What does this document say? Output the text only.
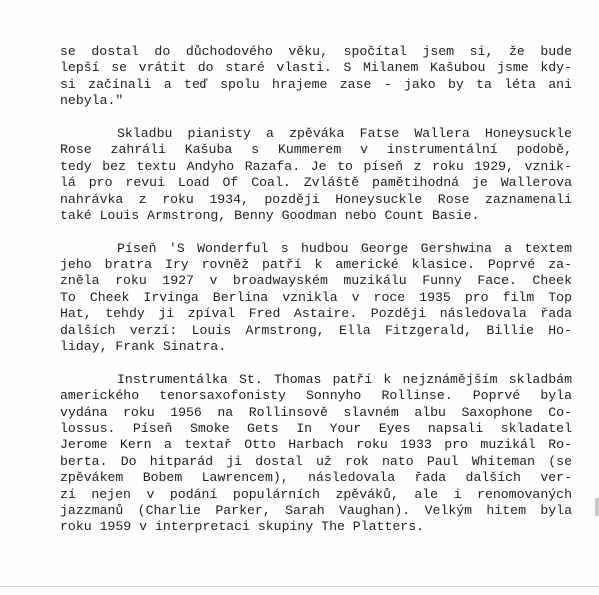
se dostal do důchodového věku, spočítal jsem si, že bude
lepší se vrátit do staré vlasti. S Milanem Kašubou jsme kdy-
si začínali a teď spolu hrajeme zase - jako by ta léta ani
nebyla."

Skladbu pianisty a zpěváka Fatse Wallera Honeysuckle
Rose zahráli Kašuba s Kummerem v instrumentální podobě,
tedy bez textu Andyho Razafa. Je to píseň z roku 1929, vznik-
lá pro revui Load Of Coal. Zvláště pamětihodná je Wallerova
nahrávka z roku 1934, později Honeysuckle Rose zaznamenali
také Louis Armstrong, Benny Goodman nebo Count Basie.

Píseň 'S Wonderful s hudbou George Gershwina a textem
jeho bratra Iry rovněž patří k americké klasice. Poprvé za-
zněla roku 1927 v broadwayském muzikálu Funny Face. Cheek
To Cheek Irvinga Berlina vznikla v roce 1935 pro film Top
Hat, tehdy ji zpíval Fred Astaire. Později následovala řada
dalších verzí: Louis Armstrong, Ella Fitzgerald, Billie Ho-
liday, Frank Sinatra.

Instrumentálka St. Thomas patří k nejznámějším skladbám
amerického tenorsaxofonisty Sonnyho Rollinse. Poprvé byla
vydána roku 1956 na Rollinsově slavném albu Saxophone Co-
lossus. Píseň Smoke Gets In Your Eyes napsali skladatel
Jerome Kern a textař Otto Harbach roku 1933 pro muzikál Ro-
berta. Do hitparád ji dostal už rok nato Paul Whiteman (se
zpěvákem Bobem Lawrencem), následovala řada dalších ver-
zí nejen v podání populárních zpěváků, ale i renomovaných
jazzmanů (Charlie Parker, Sarah Vaughan). Velkým hitem byla
roku 1959 v interpretaci skupiny The Platters.
